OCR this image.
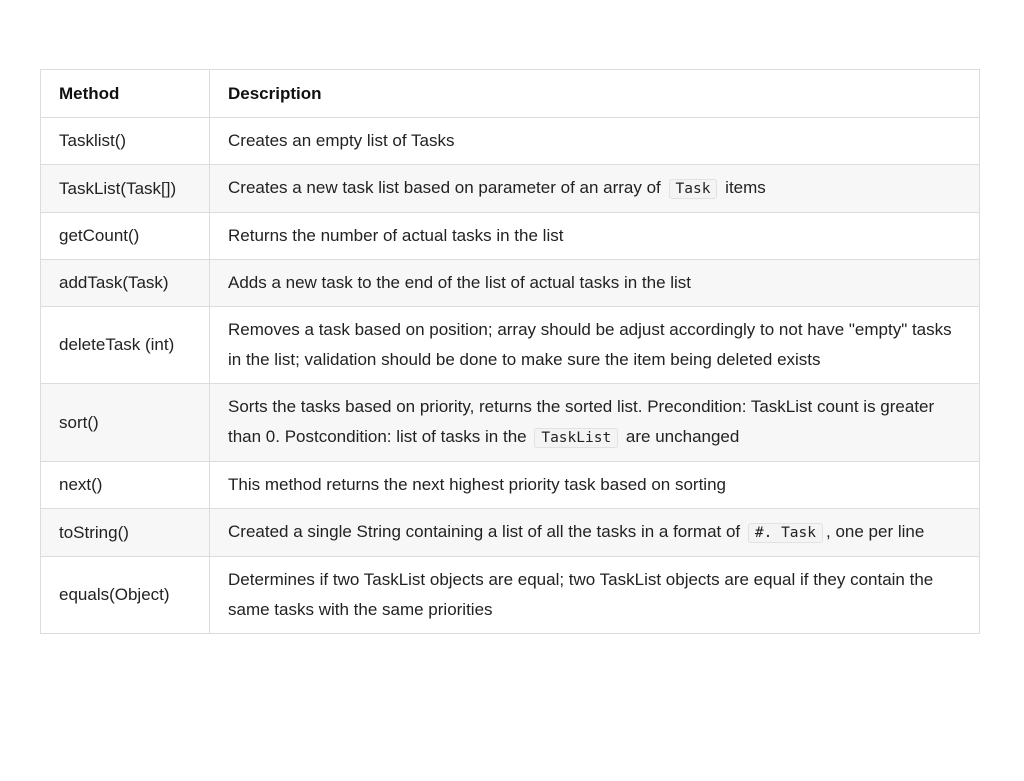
Method	Description
Tasklist()	Creates an empty list of Tasks
TaskList(Task[])	Creates a new task list based on parameter of an array of Task items
getCount()	Returns the number of actual tasks in the list
addTask(Task)	Adds a new task to the end of the list of actual tasks in the list
deleteTask (int)	Removes a task based on position; array should be adjust accordingly to not have "empty" tasks in the list; validation should be done to make sure the item being deleted exists
sort()	Sorts the tasks based on priority, returns the sorted list. Precondition: TaskList count is greater than 0. Postcondition: list of tasks in the TaskList are unchanged
next()	This method returns the next highest priority task based on sorting
toString()	Created a single String containing a list of all the tasks in a format of #. Task , one per line
equals(Object)	Determines if two TaskList objects are equal; two TaskList objects are equal if they contain the same tasks with the same priorities
